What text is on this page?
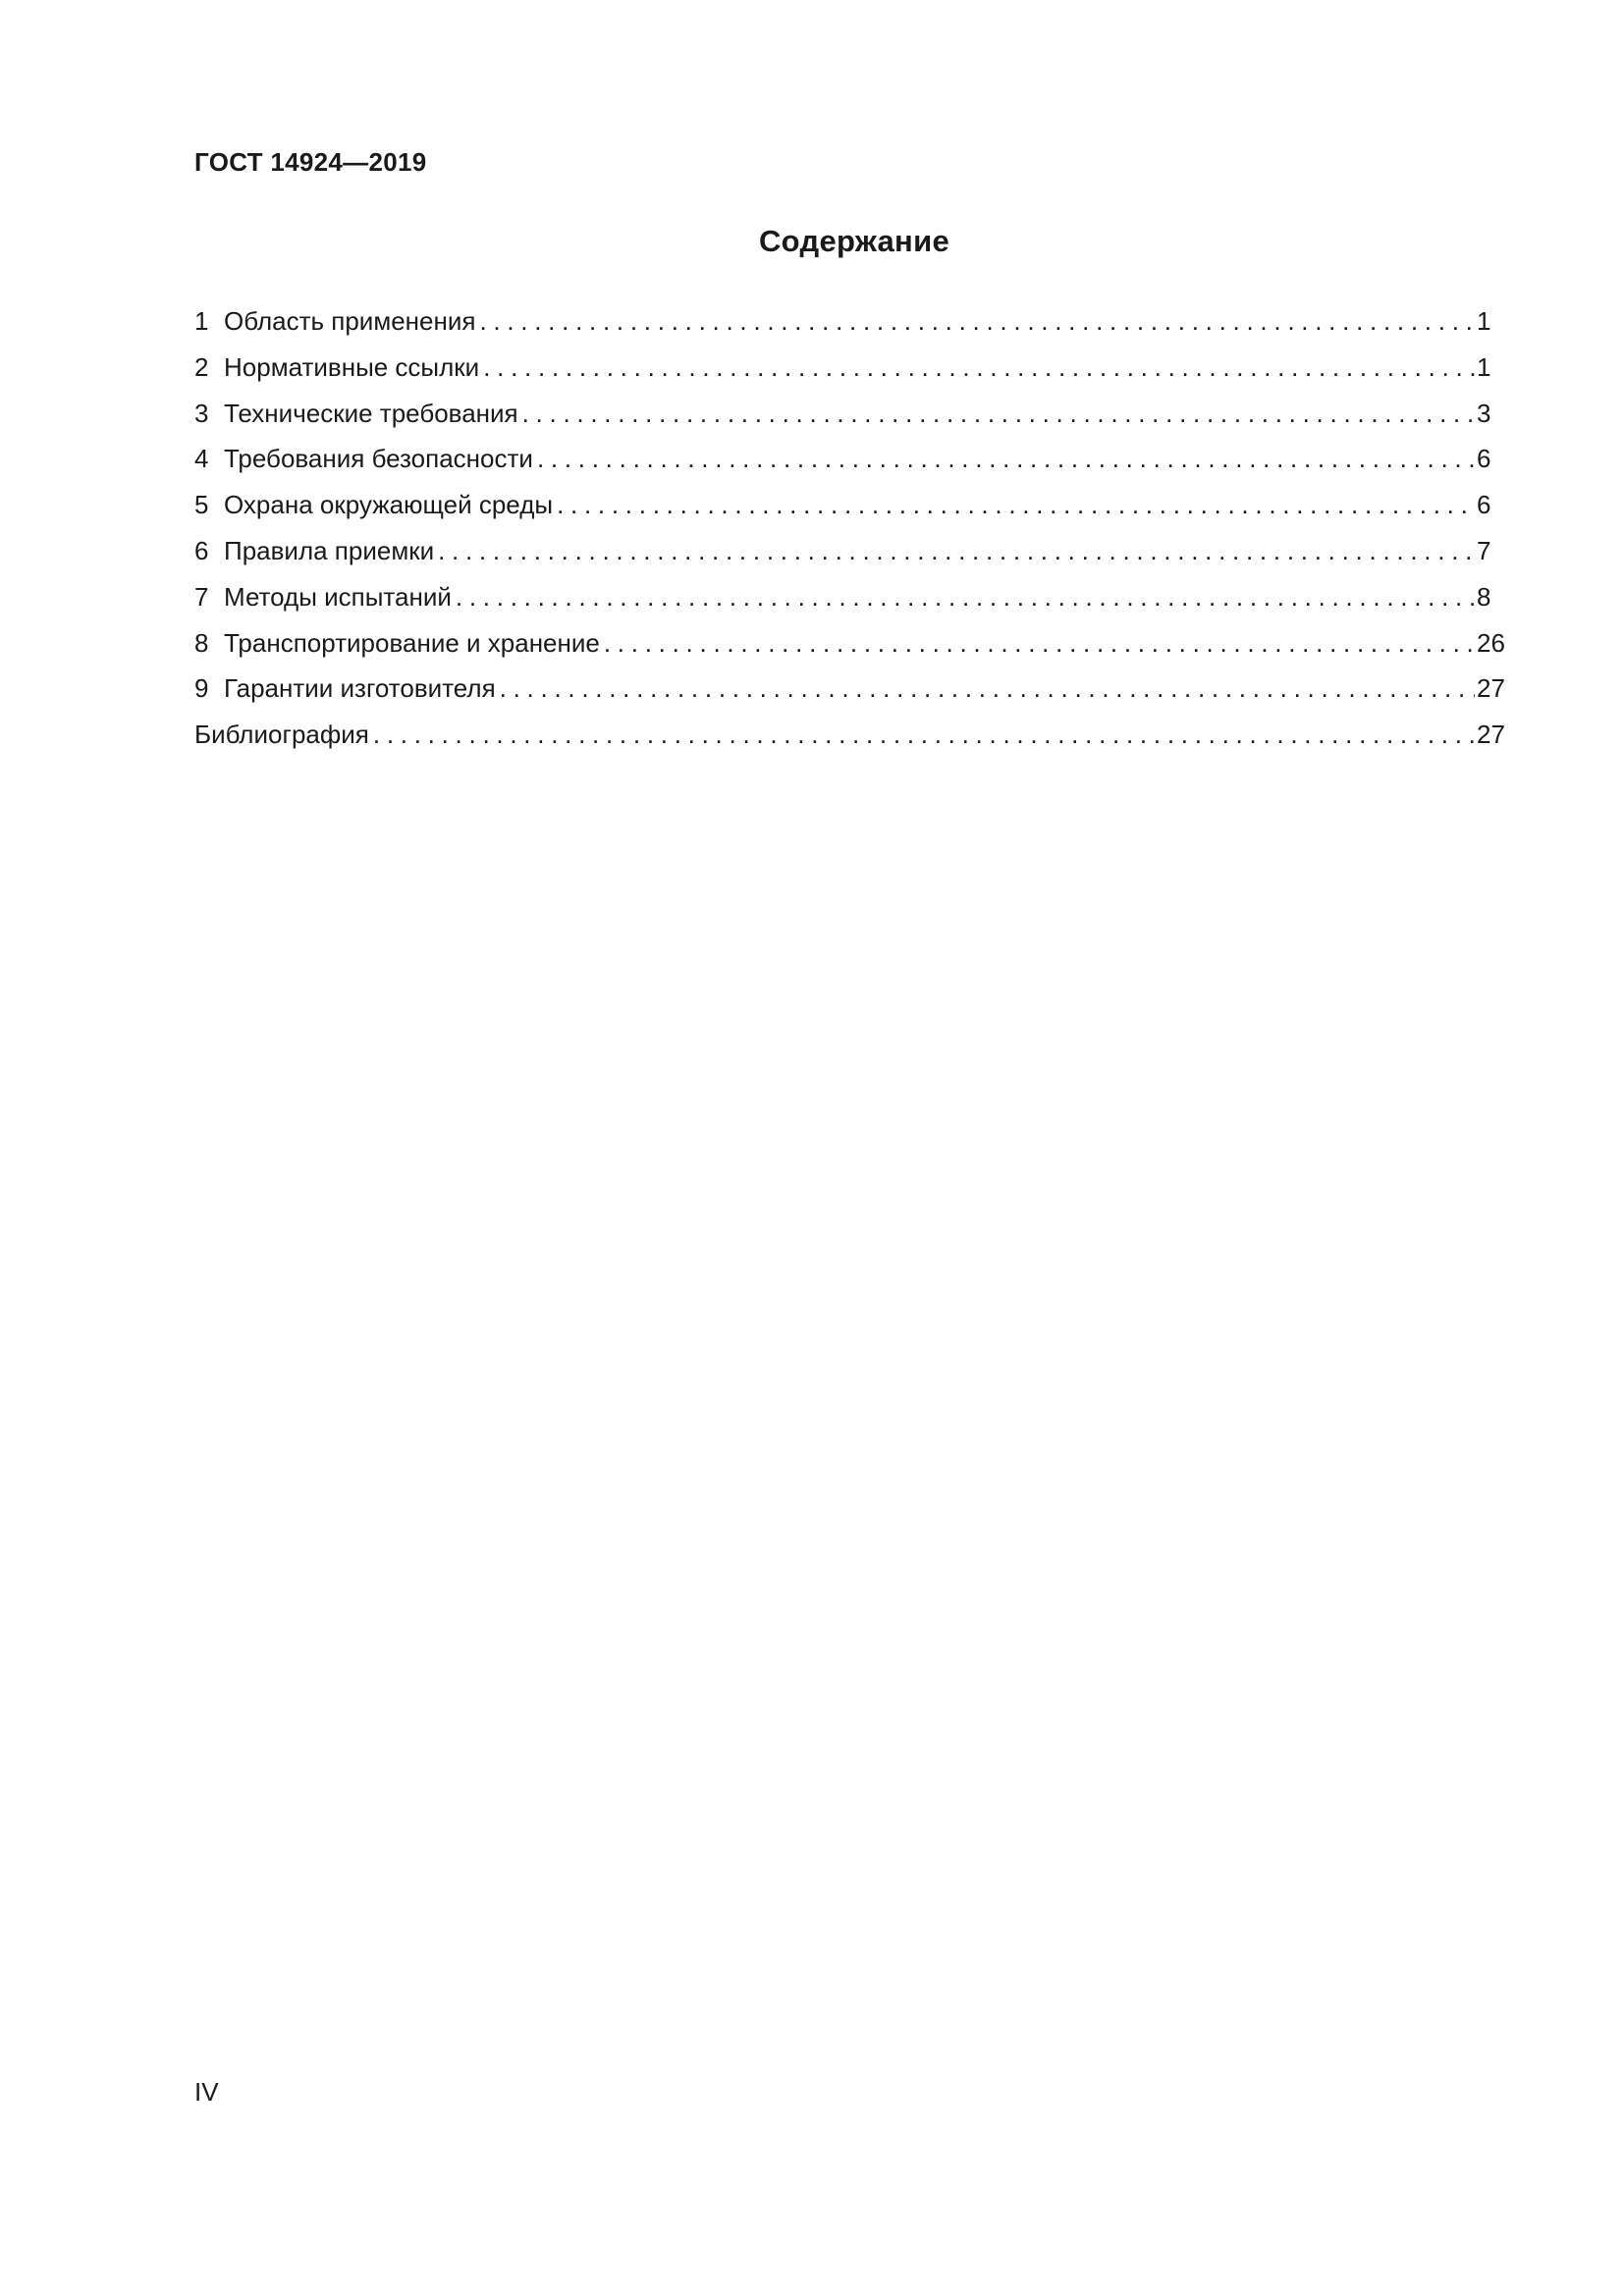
ГОСТ 14924—2019
Содержание
1 Область применения . . .	1
2 Нормативные ссылки . . .	1
3 Технические требования . . .	3
4 Требования безопасности . . .	6
5 Охрана окружающей среды . . .	6
6 Правила приемки . . .	7
7 Методы испытаний . . .	8
8 Транспортирование и хранение . . .	26
9 Гарантии изготовителя . . .	27
Библиография . . .	27
IV
